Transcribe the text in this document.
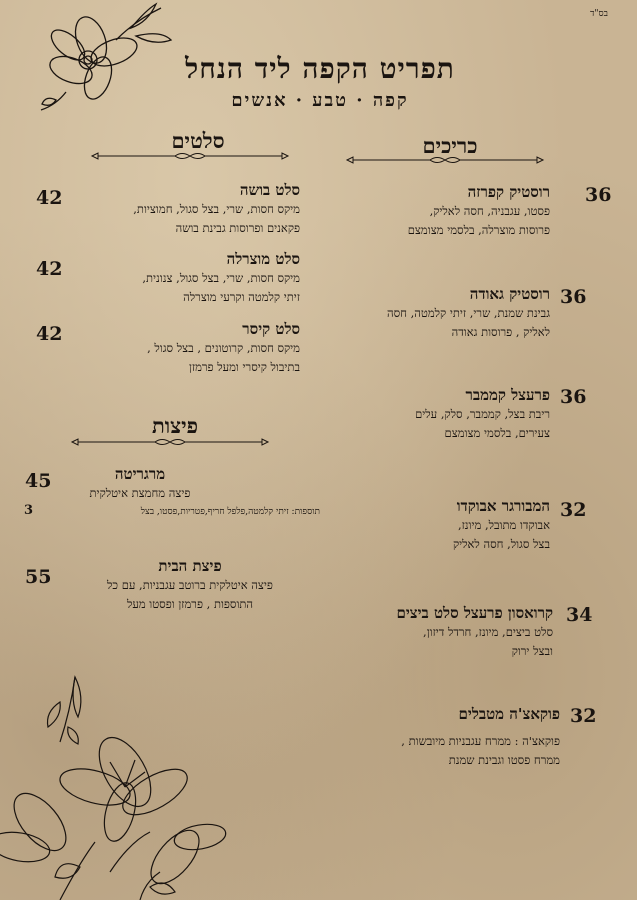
בס"ד
תפריט הקפה ליד הנחל
קפה · טבע · אנשים
סלטים	כריכים
רוסטיק קפרזה
פסטו, עגבניה, חסה לאליק,
פרוסות מוצרלה, בלסמי מצומצם
36
רוסטיק גאודה
גבינת שמנת, שרי, זיתי קלמטה, חסה
לאליק , פרוסות גאודה
36
פרעצל קממבר
ריבת בצל, קממבר, סלק, עלים
צעירים, בלסמי מצומצם
36
המבורגר אבוקדו
אבוקדו מתובל, מיונז,
בצל סגול, חסה לאליק
32
קרואסון פרעצל סלט ביצים
סלט ביצים, מיונז, חרדל דיזון,
ובצל ירוק
34
פוקאצ'ה מטבלים
פוקאצ'ה : ממרח עגבניות מיובשות ,
ממרח פסטו וגבינת שמנת
32
42	סלט בושה
מיקס חסות, שרי, בצל סגול, חמוציות,
פקאנים ופרוסות גבינת בושה
42	סלט מוצרלה
מיקס חסות, שרי, בצל סגול, צנונית,
זיתי קלמטה וקרעי מוצרלה
42	סלט קיסר
מיקס חסות, קרוטונים , בצל סגול ,
בתיבול קיסרי ומעל פרמזן
פיצות
45	מרגריטה
פיצה מחמצת איטלקית
3	תוספות: זיתי קלמטה,פלפל חריף,פטריות,פסטו, בצל
55	פיצת הבית
פיצה איטלקית ברוטב עגבניות, עם כל
התוספות , פרמזן ופסטו מעל
